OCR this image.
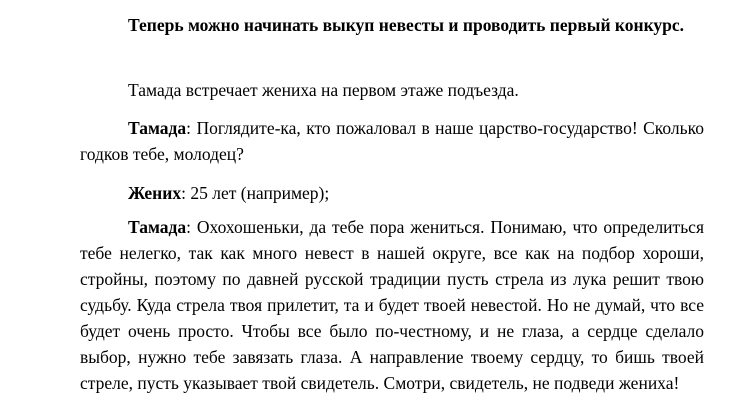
Теперь можно начинать выкуп невесты и проводить первый конкурс.

Тамада встречает жениха на первом этаже подъезда.

Тамада: Поглядите-ка, кто пожаловал в наше царство-государство! Сколько годков тебе, молодец?

Жених: 25 лет (например);

Тамада: Охохошеньки, да тебе пора жениться. Понимаю, что определиться тебе нелегко, так как много невест в нашей округе, все как на подбор хороши, стройны, поэтому по давней русской традиции пусть стрела из лука решит твою судьбу. Куда стрела твоя прилетит, та и будет твоей невестой. Но не думай, что все будет очень просто. Чтобы все было по-честному, и не глаза, а сердце сделало выбор, нужно тебе завязать глаза. А направление твоему сердцу, то бишь твоей стреле, пусть указывает твой свидетель. Смотри, свидетель, не подведи жениха!
